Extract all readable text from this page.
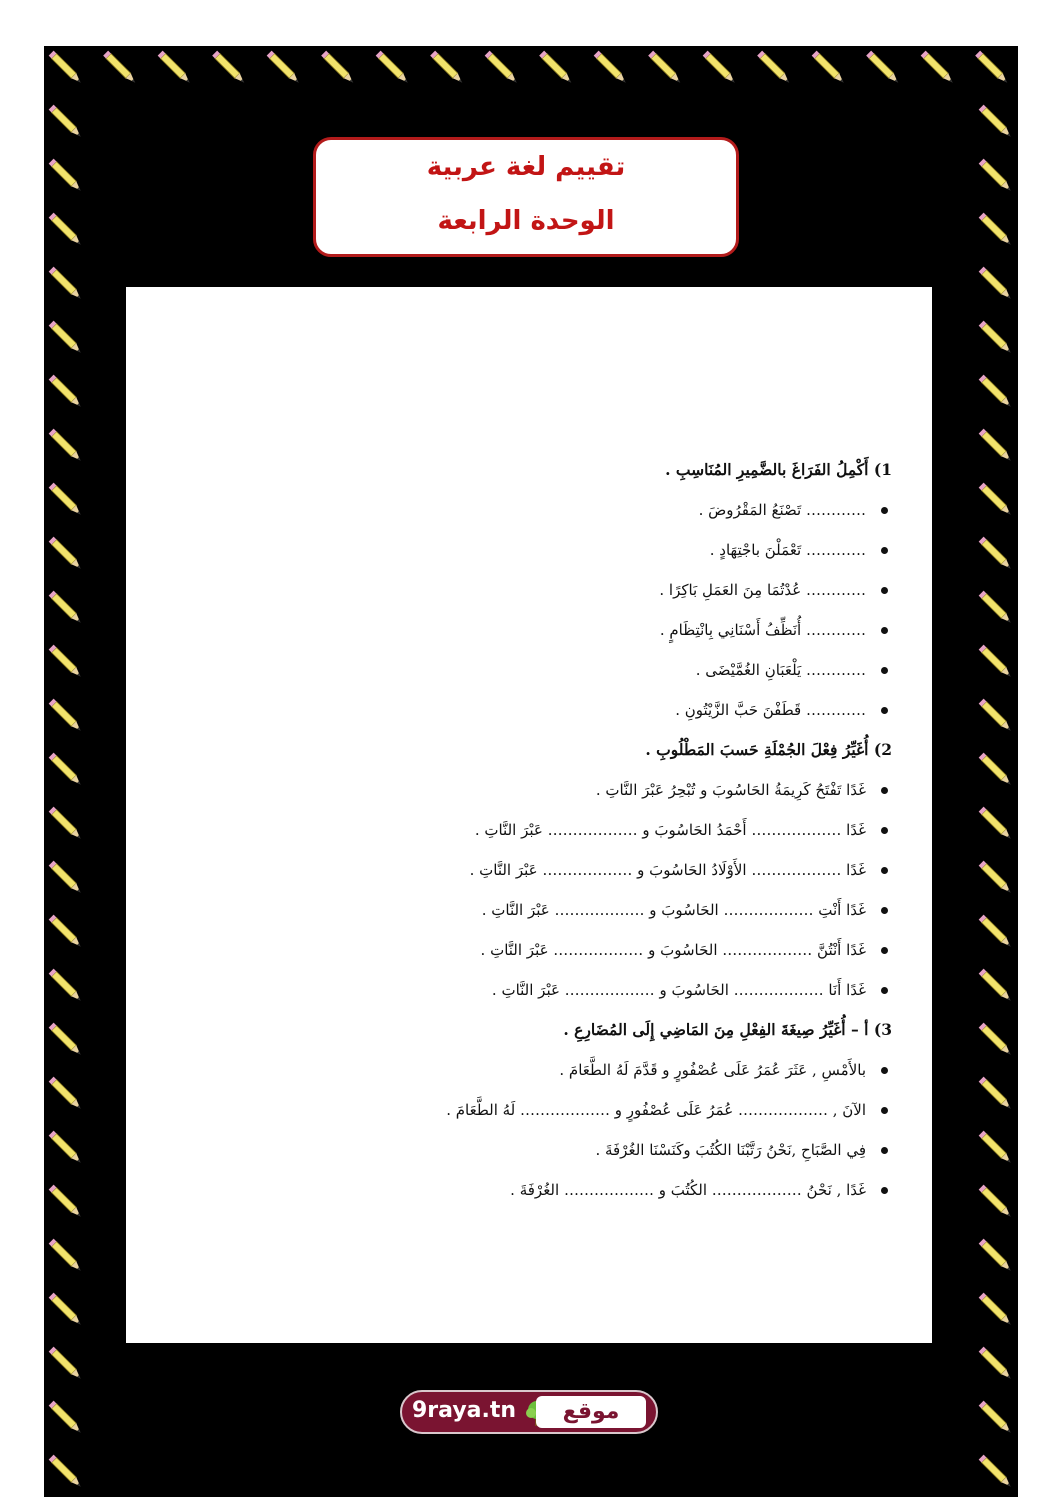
تقييم لغة عربية
الوحدة الرابعة
1) أَكْمِلُ الفَرَاغَ بالضَّمِيرِ المُنَاسِبِ .
………… تَصْنَعُ المَقْرُوضَ .
………… تَعْمَلْنَ باجْتِهَادٍ .
………… عُدْتُمَا مِنَ العَمَلِ بَاكِرًا .
………… أُنَظِّفُ أَسْنَانِي بِانْتِظَامٍ .
………… يَلْعَبَانِ الغُمَّيْضَى .
………… قَطَفْنَ حَبَّ الزَّيْتُونِ .
2) أُغَيِّرُ فِعْلَ الجُمْلَةِ حَسبَ المَطْلُوبِ .
غَدًا تَفْتَحُ كَرِيمَةُ الحَاسُوبَ و تُبْحِرُ عَبْرَ النَّاتِ .
غَدًا ……………… أَحْمَدُ الحَاسُوبَ و ……………… عَبْرَ النَّاتِ .
غَدًا ……………… الأَوْلَادُ الحَاسُوبَ و ……………… عَبْرَ النَّاتِ .
غَدًا أَنْتِ ……………… الحَاسُوبَ و ……………… عَبْرَ النَّاتِ .
غَدًا أَنْتُنَّ ……………… الحَاسُوبَ و ……………… عَبْرَ النَّاتِ .
غَدًا أَنَا ……………… الحَاسُوبَ و ……………… عَبْرَ النَّاتِ .
3) أ – أُغَيِّرُ صِيغَةَ الفِعْلِ مِنَ المَاضِي إِلَى المُضَارِعِ .
بالأَمْسِ , عَثَرَ عُمَرُ عَلَى عُصْفُورٍ و قَدَّمَ لَهُ الطَّعَامَ .
الآنَ , ……………… عُمَرُ عَلَى عُصْفُورٍ و ……………… لَهُ الطَّعَامَ .
فِي الصَّبَاحِ ,نَحْنُ رَتَّبْنَا الكُتُبَ وكَنَسْنَا الغُرْفَةَ .
غَدًا , نَحْنُ ……………… الكُتُبَ و ……………… الغُرْفَةَ .
9raya.tn	موقع
